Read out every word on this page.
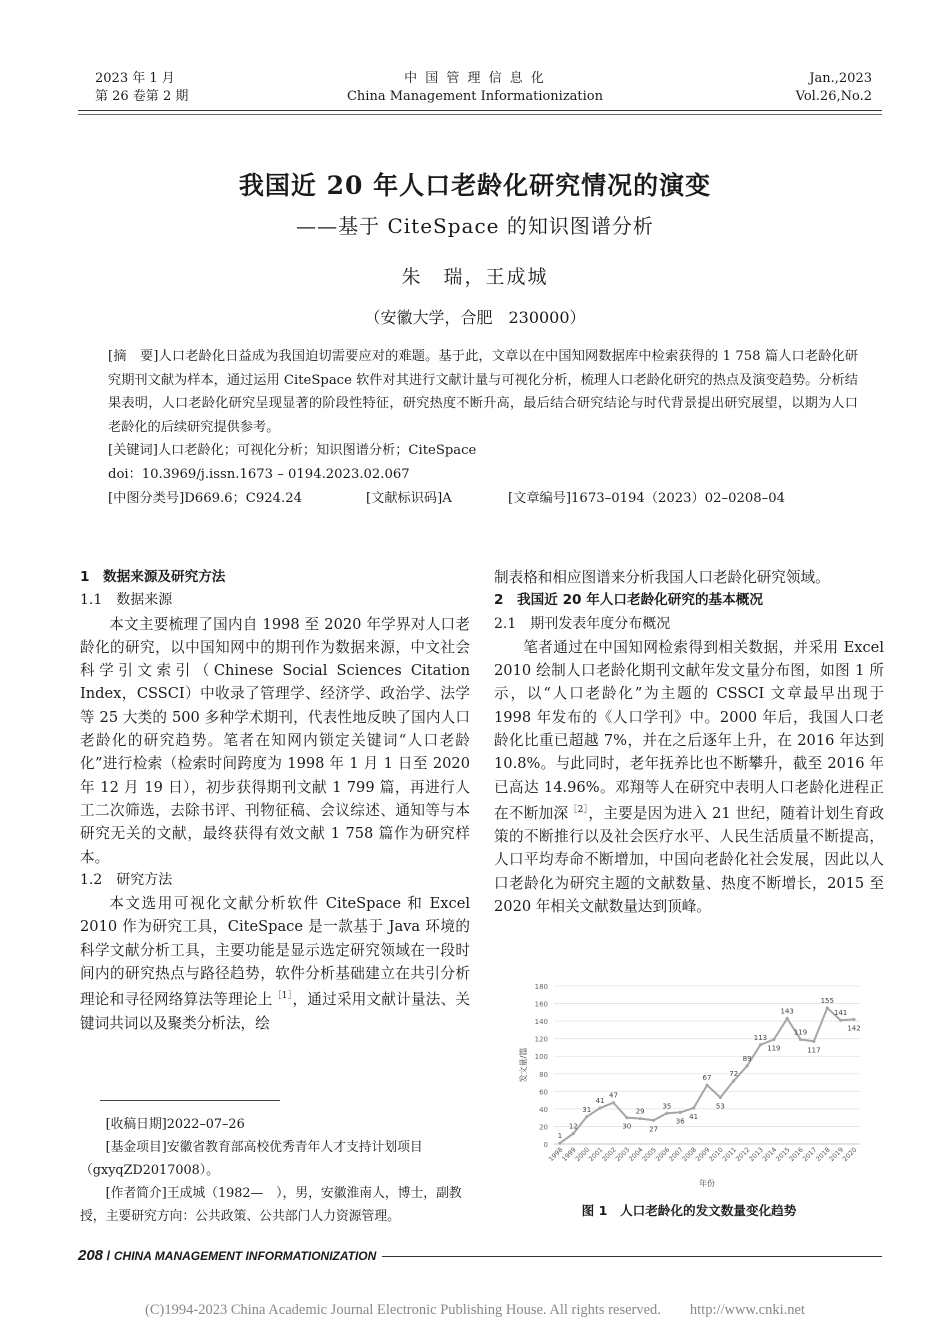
2023 年 1 月
第 26 卷第 2 期
中 国 管 理 信 息 化
China Management Informationization
Jan.,2023
Vol.26,No.2
我国近 20 年人口老龄化研究情况的演变
——基于 CiteSpace 的知识图谱分析
朱　瑞，王成城
（安徽大学，合肥　230000）

[摘　要]人口老龄化日益成为我国迫切需要应对的难题。基于此，文章以在中国知网数据库中检索获得的 1 758 篇人口老龄化研究期刊文献为样本，通过运用 CiteSpace 软件对其进行文献计量与可视化分析，梳理人口老龄化研究的热点及演变趋势。分析结果表明，人口老龄化研究呈现显著的阶段性特征，研究热度不断升高，最后结合研究结论与时代背景提出研究展望，以期为人口老龄化的后续研究提供参考。

[关键词]人口老龄化；可视化分析；知识图谱分析；CiteSpace
doi：10.3969/j.issn.1673 – 0194.2023.02.067
[中图分类号]D669.6；C924.24	[文献标识码]A	[文章编号]1673–0194（2023）02–0208–04

1　数据来源及研究方法

1.1　数据来源

本文主要梳理了国内自 1998 至 2020 年学界对人口老龄化的研究，以中国知网中的期刊作为数据来源，中文社会科学引文索引（Chinese Social Sciences Citation Index，CSSCI）中收录了管理学、经济学、政治学、法学等 25 大类的 500 多种学术期刊，代表性地反映了国内人口老龄化的研究趋势。笔者在知网内锁定关键词“人口老龄化”进行检索（检索时间跨度为 1998 年 1 月 1 日至 2020 年 12 月 19 日），初步获得期刊文献 1 799 篇，再进行人工二次筛选，去除书评、刊物征稿、会议综述、通知等与本研究无关的文献，最终获得有效文献 1 758 篇作为研究样本。

1.2　研究方法

本文选用可视化文献分析软件 CiteSpace 和 Excel 2010 作为研究工具，CiteSpace 是一款基于 Java 环境的科学文献分析工具，主要功能是显示选定研究领域在一段时间内的研究热点与路径趋势，软件分析基础建立在共引分析理论和寻径网络算法等理论上$^{[1]}$，通过采用文献计量法、关键词共词以及聚类分析法，绘

[收稿日期]2022–07–26

[基金项目]安徽省教育部高校优秀青年人才支持计划项目（gxyqZD2017008）。

[作者简介]王成城（1982—　），男，安徽淮南人，博士，副教授，主要研究方向：公共政策、公共部门人力资源管理。

制表格和相应图谱来分析我国人口老龄化研究领域。

2　我国近 20 年人口老龄化研究的基本概况

2.1　期刊发表年度分布概况

笔者通过在中国知网检索得到相关数据，并采用 Excel 2010 绘制人口老龄化期刊文献年发文量分布图，如图 1 所示，以“人口老龄化”为主题的 CSSCI 文章最早出现于 1998 年发布的《人口学刊》中。2000 年后，我国人口老龄化比重已超越 7%，并在之后逐年上升，在 2016 年达到 10.8%。与此同时，老年抚养比也不断攀升，截至 2016 年已高达 14.96%。邓翔等人在研究中表明人口老龄化进程正在不断加深$^{[2]}$，主要是因为进入 21 世纪，随着计划生育政策的不断推行以及社会医疗水平、人民生活质量不断提高，人口平均寿命不断增加，中国向老龄化社会发展，因此以人口老龄化为研究主题的文献数量、热度不断增长，2015 至 2020 年相关文献数量达到顶峰。

0
20
40
60
80
100
120
140
160
180
1998
1999
2000
2001
2002
2003
2004
2005
2006
2007
2008
2009
2010
2011
2012
2013
2014
2015
2016
2017
2018
2019
2020
1
12
31
41
47
30
29
27
35
36
41
67
53
72
89
113
119
143
119
117
155
141
142
发文量/篇
年份
图 1　人口老龄化的发文数量变化趋势
208 / CHINA MANAGEMENT INFORMATIONIZATION
(C)1994-2023 China Academic Journal Electronic Publishing House. All rights reserved.　　http://www.cnki.net
